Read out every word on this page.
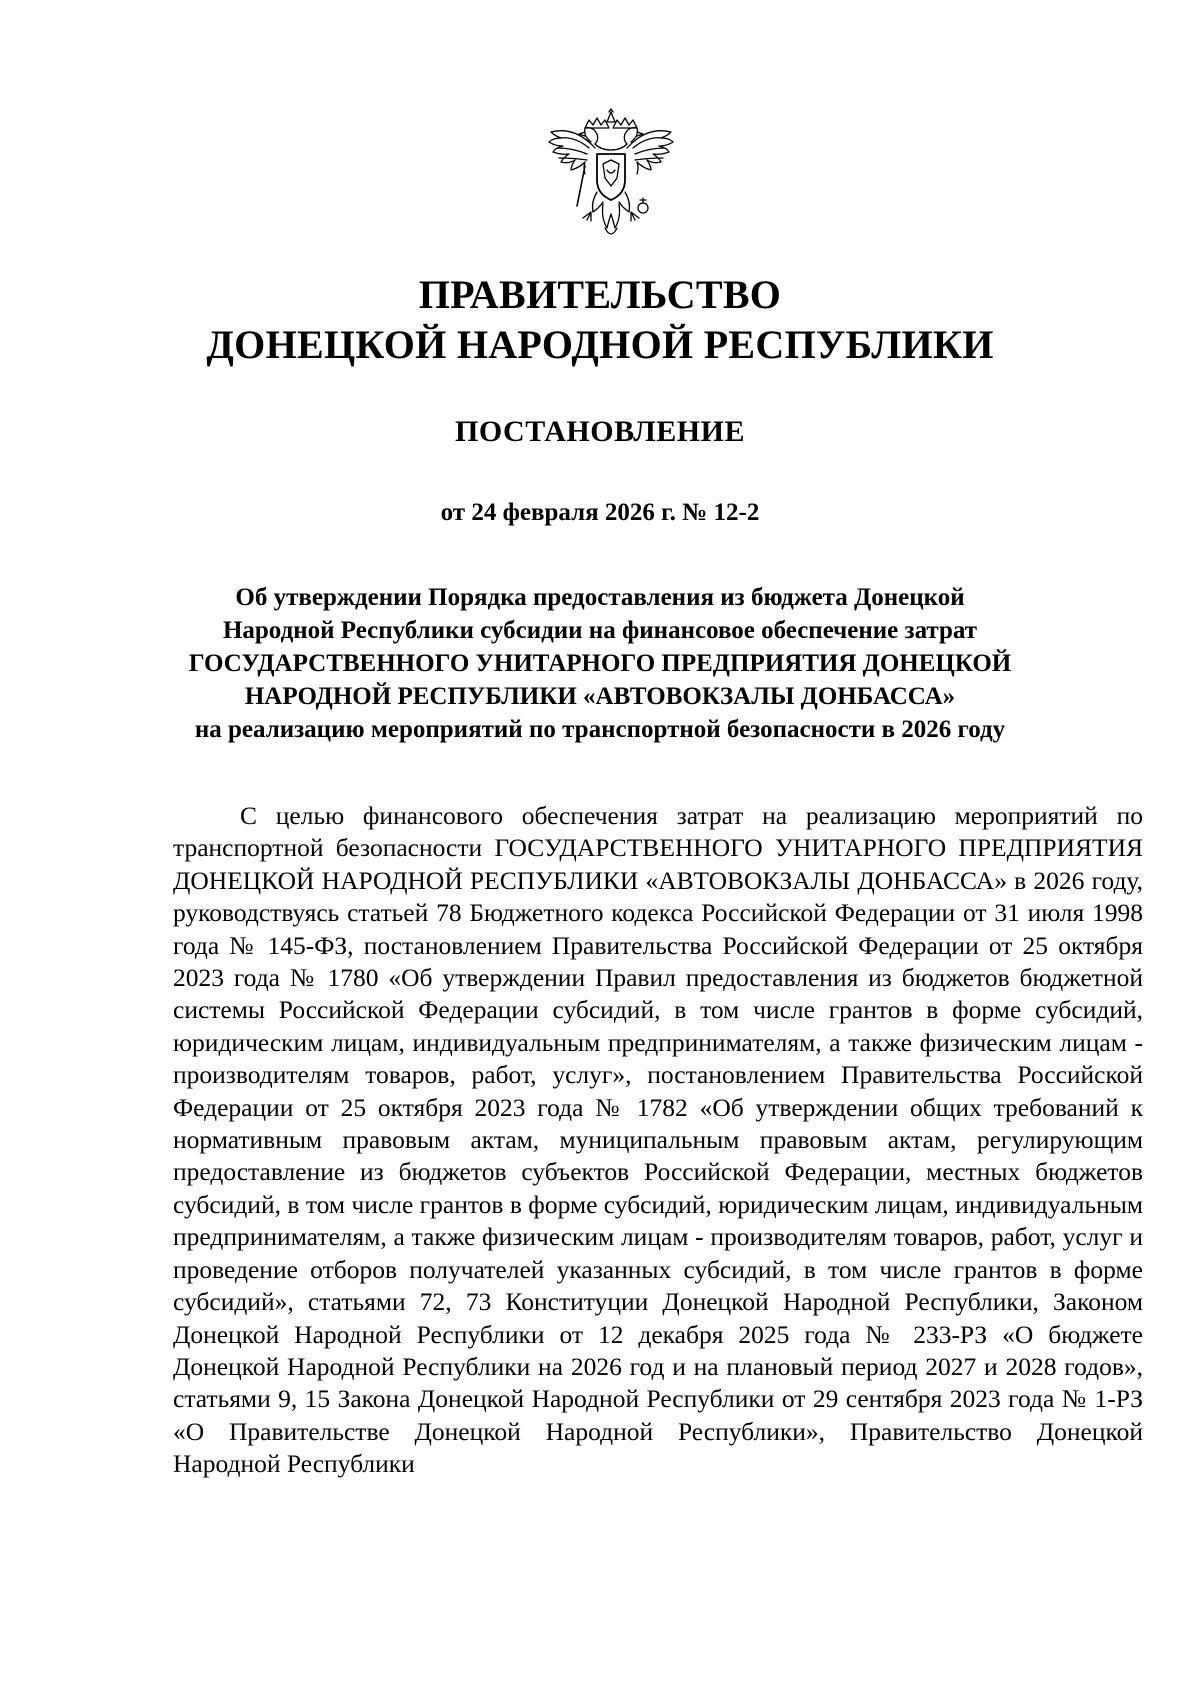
ПРАВИТЕЛЬСТВО
ДОНЕЦКОЙ НАРОДНОЙ РЕСПУБЛИКИ
ПОСТАНОВЛЕНИЕ
от 24 февраля 2026 г. № 12-2
Об утверждении Порядка предоставления из бюджета Донецкой
Народной Республики субсидии на финансовое обеспечение затрат
ГОСУДАРСТВЕННОГО УНИТАРНОГО ПРЕДПРИЯТИЯ ДОНЕЦКОЙ
НАРОДНОЙ РЕСПУБЛИКИ «АВТОВОКЗАЛЫ ДОНБАССА»
на реализацию мероприятий по транспортной безопасности в 2026 году

С целью финансового обеспечения затрат на реализацию мероприятий по транспортной безопасности ГОСУДАРСТВЕННОГО УНИТАРНОГО ПРЕДПРИЯТИЯ ДОНЕЦКОЙ НАРОДНОЙ РЕСПУБЛИКИ «АВТОВОКЗАЛЫ ДОНБАССА» в 2026 году, руководствуясь статьей 78 Бюджетного кодекса Российской Федерации от 31 июля 1998 года № 145-ФЗ, постановлением Правительства Российской Федерации от 25 октября 2023 года № 1780 «Об утверждении Правил предоставления из бюджетов бюджетной системы Российской Федерации субсидий, в том числе грантов в форме субсидий, юридическим лицам, индивидуальным предпринимателям, а также физическим лицам - производителям товаров, работ, услуг», постановлением Правительства Российской Федерации от 25 октября 2023 года № 1782 «Об утверждении общих требований к нормативным правовым актам, муниципальным правовым актам, регулирующим предоставление из бюджетов субъектов Российской Федерации, местных бюджетов субсидий, в том числе грантов в форме субсидий, юридическим лицам, индивидуальным предпринимателям, а также физическим лицам - производителям товаров, работ, услуг и проведение отборов получателей указанных субсидий, в том числе грантов в форме субсидий», статьями 72, 73 Конституции Донецкой Народной Республики, Законом Донецкой Народной Республики от 12 декабря 2025 года № 233-РЗ «О бюджете Донецкой Народной Республики на 2026 год и на плановый период 2027 и 2028 годов», статьями 9, 15 Закона Донецкой Народной Республики от 29 сентября 2023 года № 1-РЗ «О Правительстве Донецкой Народной Республики», Правительство Донецкой Народной Республики
